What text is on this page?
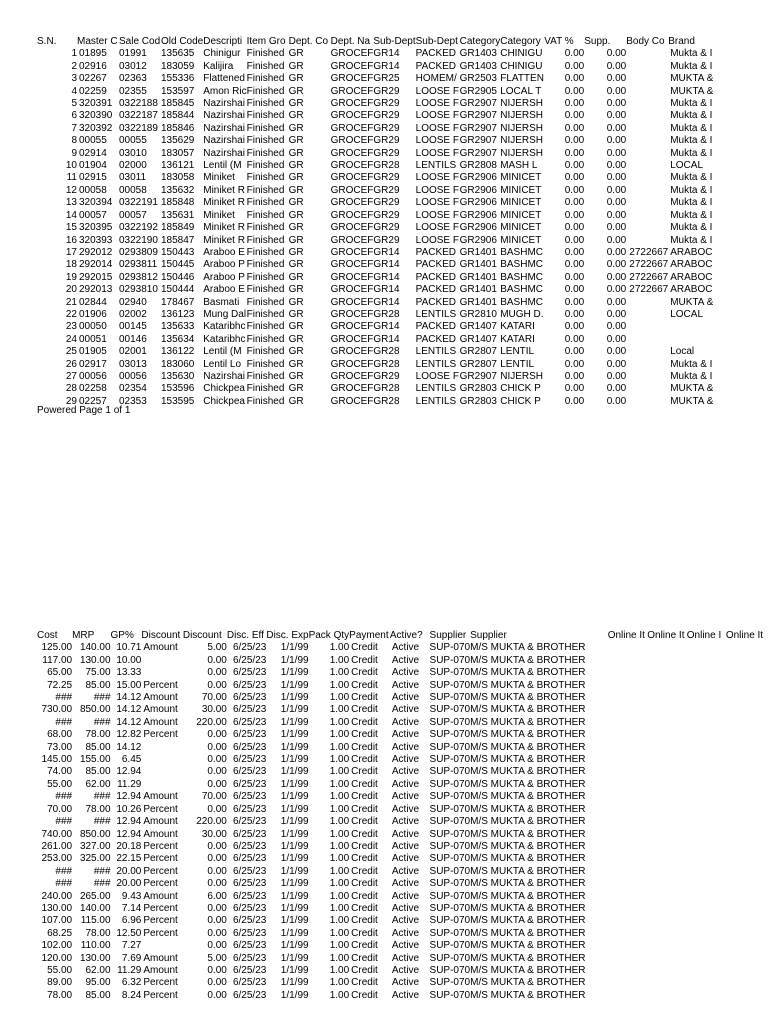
S.N.	Master C	Sale Cod	Old Code	Descripti	Item Gro	Dept. Co	Dept. Na	Sub-Dept	Sub-Dept	Category	Category	VAT %	Supp.	Body Co	Brand
1	01895	01991	135635	Chinigur	Finished	GR	GROCEF	GR14	PACKED	GR1403	CHINIGU	0.00	0.00		Mukta & I
2	02916	03012	183059	Kalijira	Finished	GR	GROCEF	GR14	PACKED	GR1403	CHINIGU	0.00	0.00		Mukta & I
3	02267	02363	155336	Flattened	Finished	GR	GROCEF	GR25	HOMEM/	GR2503	FLATTEN	0.00	0.00		MUKTA &
4	02259	02355	153597	Amon Ric	Finished	GR	GROCEF	GR29	LOOSE F	GR2905	LOCAL T	0.00	0.00		MUKTA &
5	320391	0322188	185845	Nazirshai	Finished	GR	GROCEF	GR29	LOOSE F	GR2907	NIJERSH	0.00	0.00		Mukta & I
6	320390	0322187	185844	Nazirshai	Finished	GR	GROCEF	GR29	LOOSE F	GR2907	NIJERSH	0.00	0.00		Mukta & I
7	320392	0322189	185846	Nazirshai	Finished	GR	GROCEF	GR29	LOOSE F	GR2907	NIJERSH	0.00	0.00		Mukta & I
8	00055	00055	135629	Nazirshai	Finished	GR	GROCEF	GR29	LOOSE F	GR2907	NIJERSH	0.00	0.00		Mukta & I
9	02914	03010	183057	Nazirshai	Finished	GR	GROCEF	GR29	LOOSE F	GR2907	NIJERSH	0.00	0.00		Mukta & I
10	01904	02000	136121	Lentil (M	Finished	GR	GROCEF	GR28	LENTILS	GR2808	MASH L	0.00	0.00		LOCAL
11	02915	03011	183058	Miniket	Finished	GR	GROCEF	GR29	LOOSE F	GR2906	MINICET	0.00	0.00		Mukta & I
12	00058	00058	135632	Miniket R	Finished	GR	GROCEF	GR29	LOOSE F	GR2906	MINICET	0.00	0.00		Mukta & I
13	320394	0322191	185848	Miniket R	Finished	GR	GROCEF	GR29	LOOSE F	GR2906	MINICET	0.00	0.00		Mukta & I
14	00057	00057	135631	Miniket	Finished	GR	GROCEF	GR29	LOOSE F	GR2906	MINICET	0.00	0.00		Mukta & I
15	320395	0322192	185849	Miniket R	Finished	GR	GROCEF	GR29	LOOSE F	GR2906	MINICET	0.00	0.00		Mukta & I
16	320393	0322190	185847	Miniket R	Finished	GR	GROCEF	GR29	LOOSE F	GR2906	MINICET	0.00	0.00		Mukta & I
17	292012	0293809	150443	Araboo E	Finished	GR	GROCEF	GR14	PACKED	GR1401	BASHMC	0.00	0.00	2722667	ARABOC
18	292014	0293811	150445	Araboo P	Finished	GR	GROCEF	GR14	PACKED	GR1401	BASHMC	0.00	0.00	2722667	ARABOC
19	292015	0293812	150446	Araboo P	Finished	GR	GROCEF	GR14	PACKED	GR1401	BASHMC	0.00	0.00	2722667	ARABOC
20	292013	0293810	150444	Araboo E	Finished	GR	GROCEF	GR14	PACKED	GR1401	BASHMC	0.00	0.00	2722667	ARABOC
21	02844	02940	178467	Basmati	Finished	GR	GROCEF	GR14	PACKED	GR1401	BASHMC	0.00	0.00		MUKTA &
22	01906	02002	136123	Mung Dal	Finished	GR	GROCEF	GR28	LENTILS	GR2810	MUGH D.	0.00	0.00		LOCAL
23	00050	00145	135633	Kataribhc	Finished	GR	GROCEF	GR14	PACKED	GR1407	KATARI	0.00	0.00		
24	00051	00146	135634	Kataribhc	Finished	GR	GROCEF	GR14	PACKED	GR1407	KATARI	0.00	0.00		
25	01905	02001	136122	Lentil (M	Finished	GR	GROCEF	GR28	LENTILS	GR2807	LENTIL	0.00	0.00		Local
26	02917	03013	183060	Lentil Lo	Finished	GR	GROCEF	GR28	LENTILS	GR2807	LENTIL	0.00	0.00		Mukta & I
27	00056	00056	135630	Nazirshai	Finished	GR	GROCEF	GR29	LOOSE F	GR2907	NIJERSH	0.00	0.00		Mukta & I
28	02258	02354	153596	Chickpea	Finished	GR	GROCEF	GR28	LENTILS	GR2803	CHICK P	0.00	0.00		MUKTA &
29	02257	02353	153595	Chickpea	Finished	GR	GROCEF	GR28	LENTILS	GR2803	CHICK P	0.00	0.00		MUKTA &
Powered Page 1 of 1
Cost	MRP	GP%	Discount	Discount	Disc. Eff	Disc. Exp	Pack Qty	Payment	Active?	Supplier	Supplier	Online It	Online It	Online I	Online It
125.00	140.00	10.71	Amount	5.00	6/25/23	1/1/99	1.00	Credit	Active	SUP-070	M/S MUKTA & BROTHER				
117.00	130.00	10.00		0.00	6/25/23	1/1/99	1.00	Credit	Active	SUP-070	M/S MUKTA & BROTHER				
65.00	75.00	13.33		0.00	6/25/23	1/1/99	1.00	Credit	Active	SUP-070	M/S MUKTA & BROTHER				
72.25	85.00	15.00	Percent	0.00	6/25/23	1/1/99	1.00	Credit	Active	SUP-070	M/S MUKTA & BROTHER				
###	###	14.12	Amount	70.00	6/25/23	1/1/99	1.00	Credit	Active	SUP-070	M/S MUKTA & BROTHER				
730.00	850.00	14.12	Amount	30.00	6/25/23	1/1/99	1.00	Credit	Active	SUP-070	M/S MUKTA & BROTHER				
###	###	14.12	Amount	220.00	6/25/23	1/1/99	1.00	Credit	Active	SUP-070	M/S MUKTA & BROTHER				
68.00	78.00	12.82	Percent	0.00	6/25/23	1/1/99	1.00	Credit	Active	SUP-070	M/S MUKTA & BROTHER				
73.00	85.00	14.12		0.00	6/25/23	1/1/99	1.00	Credit	Active	SUP-070	M/S MUKTA & BROTHER				
145.00	155.00	6.45		0.00	6/25/23	1/1/99	1.00	Credit	Active	SUP-070	M/S MUKTA & BROTHER				
74.00	85.00	12.94		0.00	6/25/23	1/1/99	1.00	Credit	Active	SUP-070	M/S MUKTA & BROTHER				
55.00	62.00	11.29		0.00	6/25/23	1/1/99	1.00	Credit	Active	SUP-070	M/S MUKTA & BROTHER				
###	###	12.94	Amount	70.00	6/25/23	1/1/99	1.00	Credit	Active	SUP-070	M/S MUKTA & BROTHER				
70.00	78.00	10.26	Percent	0.00	6/25/23	1/1/99	1.00	Credit	Active	SUP-070	M/S MUKTA & BROTHER				
###	###	12.94	Amount	220.00	6/25/23	1/1/99	1.00	Credit	Active	SUP-070	M/S MUKTA & BROTHER				
740.00	850.00	12.94	Amount	30.00	6/25/23	1/1/99	1.00	Credit	Active	SUP-070	M/S MUKTA & BROTHER				
261.00	327.00	20.18	Percent	0.00	6/25/23	1/1/99	1.00	Credit	Active	SUP-070	M/S MUKTA & BROTHER				
253.00	325.00	22.15	Percent	0.00	6/25/23	1/1/99	1.00	Credit	Active	SUP-070	M/S MUKTA & BROTHER				
###	###	20.00	Percent	0.00	6/25/23	1/1/99	1.00	Credit	Active	SUP-070	M/S MUKTA & BROTHER				
###	###	20.00	Percent	0.00	6/25/23	1/1/99	1.00	Credit	Active	SUP-070	M/S MUKTA & BROTHER				
240.00	265.00	9.43	Amount	6.00	6/25/23	1/1/99	1.00	Credit	Active	SUP-070	M/S MUKTA & BROTHER				
130.00	140.00	7.14	Percent	0.00	6/25/23	1/1/99	1.00	Credit	Active	SUP-070	M/S MUKTA & BROTHER				
107.00	115.00	6.96	Percent	0.00	6/25/23	1/1/99	1.00	Credit	Active	SUP-070	M/S MUKTA & BROTHER				
68.25	78.00	12.50	Percent	0.00	6/25/23	1/1/99	1.00	Credit	Active	SUP-070	M/S MUKTA & BROTHER				
102.00	110.00	7.27		0.00	6/25/23	1/1/99	1.00	Credit	Active	SUP-070	M/S MUKTA & BROTHER				
120.00	130.00	7.69	Amount	5.00	6/25/23	1/1/99	1.00	Credit	Active	SUP-070	M/S MUKTA & BROTHER				
55.00	62.00	11.29	Amount	0.00	6/25/23	1/1/99	1.00	Credit	Active	SUP-070	M/S MUKTA & BROTHER				
89.00	95.00	6.32	Percent	0.00	6/25/23	1/1/99	1.00	Credit	Active	SUP-070	M/S MUKTA & BROTHER				
78.00	85.00	8.24	Percent	0.00	6/25/23	1/1/99	1.00	Credit	Active	SUP-070	M/S MUKTA & BROTHER				
